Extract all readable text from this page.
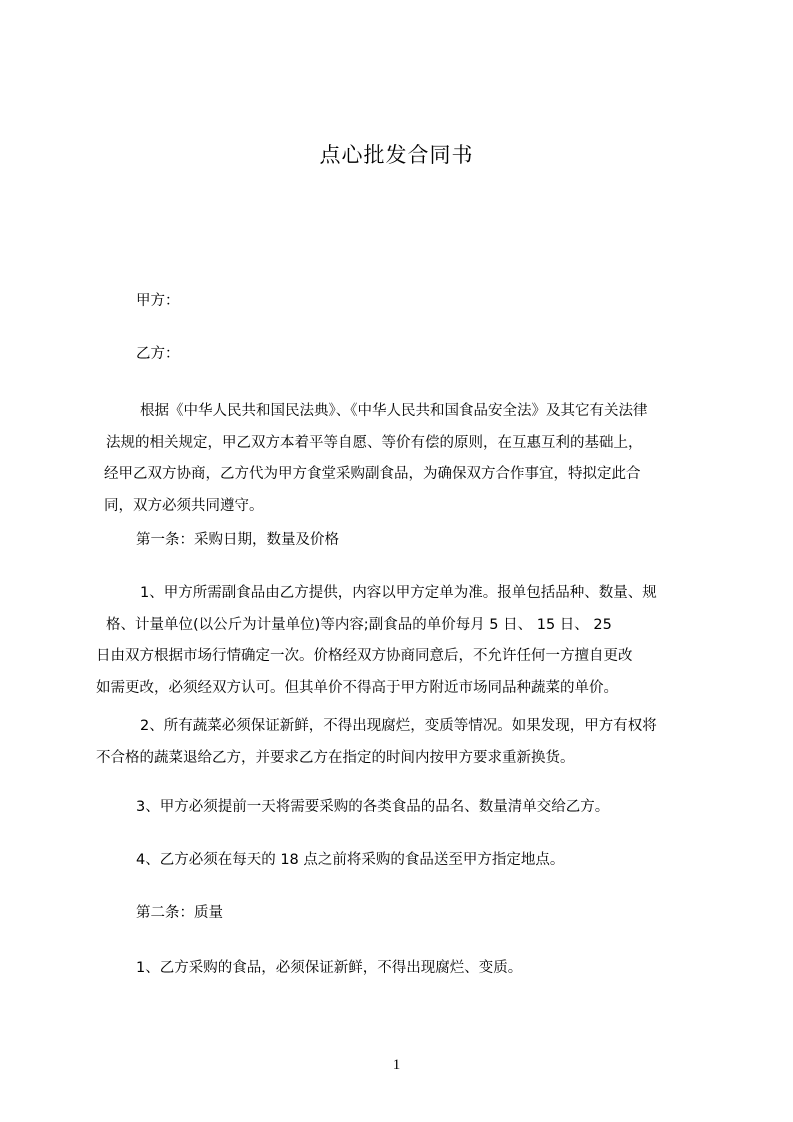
点心批发合同书

甲方：

乙方：

根据《中华人民共和国民法典》、《中华人民共和国食品安全法》及其它有关法律
法规的相关规定，甲乙双方本着平等自愿、等价有偿的原则，在互惠互利的基础上，
经甲乙双方协商，乙方代为甲方食堂采购副食品，为确保双方合作事宜，特拟定此合
同，双方必须共同遵守。

第一条：采购日期，数量及价格

1、甲方所需副食品由乙方提供，内容以甲方定单为准。报单包括品种、数量、规
格、计量单位(以公斤为计量单位)等内容;副食品的单价每月 5 日、 15 日、 25
日由双方根据市场行情确定一次。价格经双方协商同意后，不允许任何一方擅自更改
如需更改，必须经双方认可。但其单价不得高于甲方附近市场同品种蔬菜的单价。
2、所有蔬菜必须保证新鲜，不得出现腐烂，变质等情况。如果发现，甲方有权将
不合格的蔬菜退给乙方，并要求乙方在指定的时间内按甲方要求重新换货。

3、甲方必须提前一天将需要采购的各类食品的品名、数量清单交给乙方。

4、乙方必须在每天的 18 点之前将采购的食品送至甲方指定地点。

第二条：质量

1、乙方采购的食品，必须保证新鲜，不得出现腐烂、变质。

1
